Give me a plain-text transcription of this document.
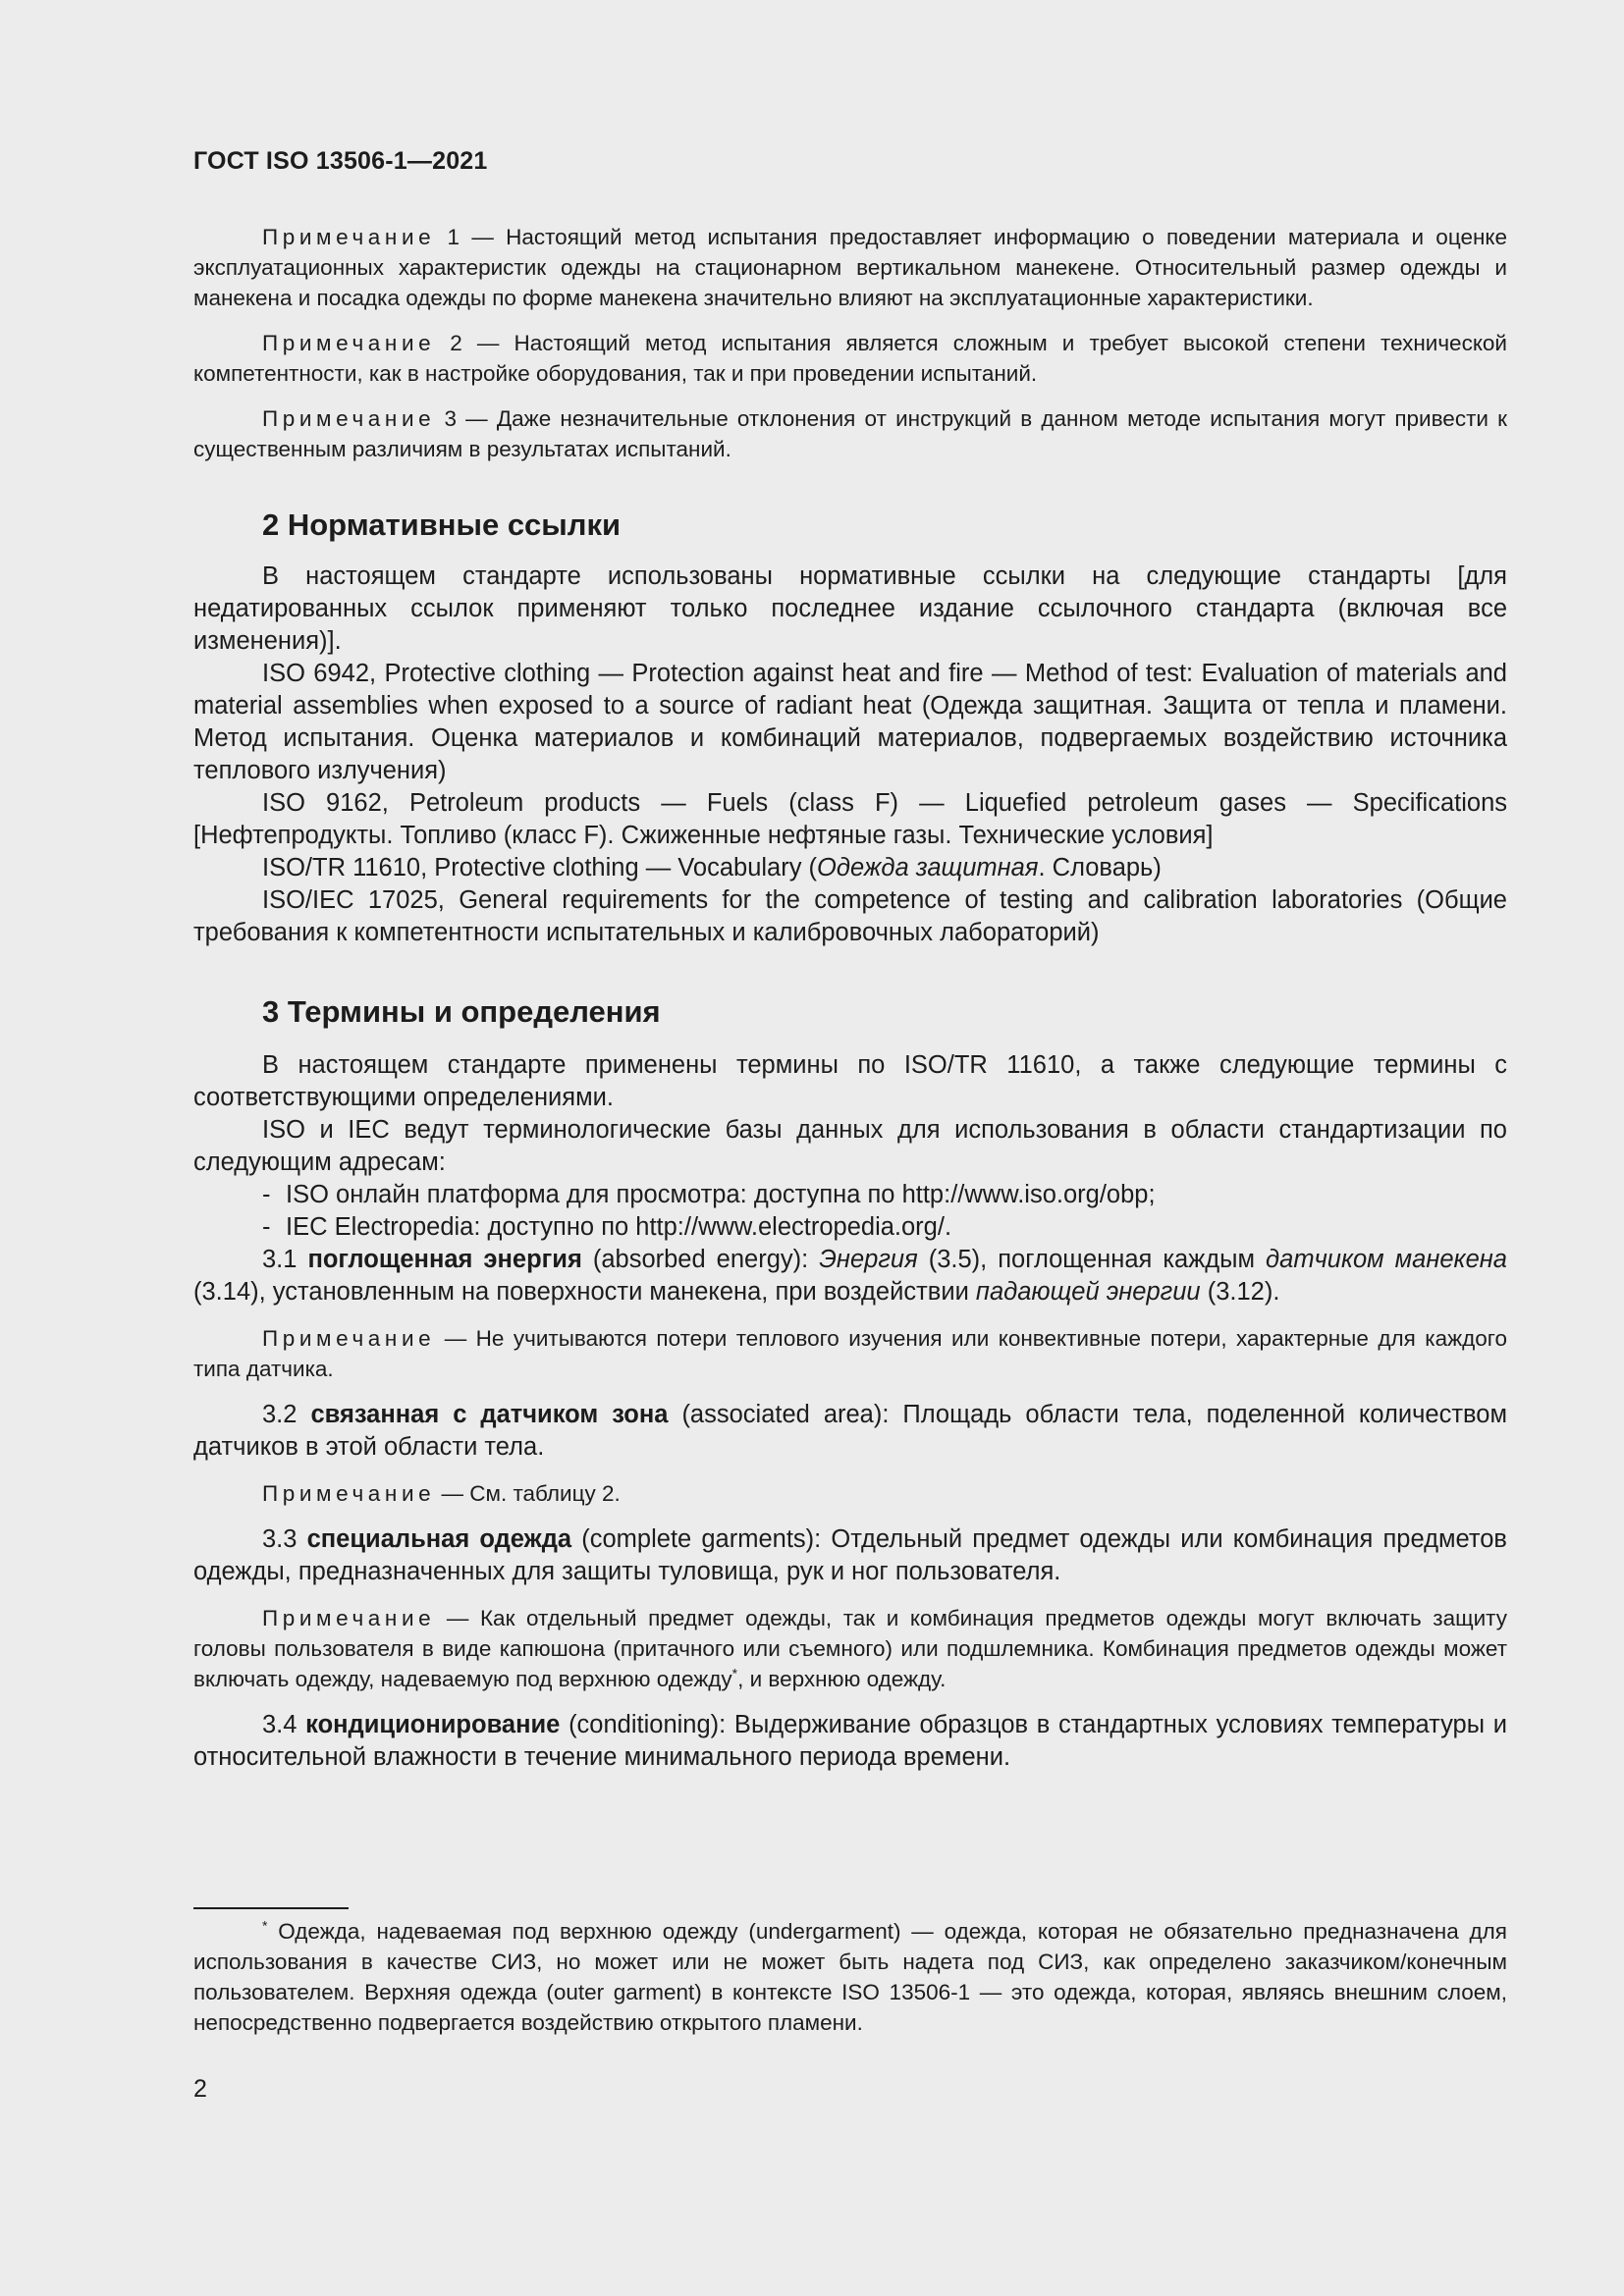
ГОСТ ISO 13506-1—2021

Примечание 1 — Настоящий метод испытания предоставляет информацию о поведении материала и оценке эксплуатационных характеристик одежды на стационарном вертикальном манекене. Относительный размер одежды и манекена и посадка одежды по форме манекена значительно влияют на эксплуатационные характеристики.

Примечание 2 — Настоящий метод испытания является сложным и требует высокой степени технической компетентности, как в настройке оборудования, так и при проведении испытаний.

Примечание 3 — Даже незначительные отклонения от инструкций в данном методе испытания могут привести к существенным различиям в результатах испытаний.

2 Нормативные ссылки

В настоящем стандарте использованы нормативные ссылки на следующие стандарты [для недатированных ссылок применяют только последнее издание ссылочного стандарта (включая все изменения)].

ISO 6942, Protective clothing — Protection against heat and fire — Method of test: Evaluation of materials and material assemblies when exposed to a source of radiant heat (Одежда защитная. Защита от тепла и пламени. Метод испытания. Оценка материалов и комбинаций материалов, подвергаемых воздействию источника теплового излучения)

ISO 9162, Petroleum products — Fuels (class F) — Liquefied petroleum gases — Specifications [Нефтепродукты. Топливо (класс F). Сжиженные нефтяные газы. Технические условия]

ISO/TR 11610, Protective clothing — Vocabulary (Одежда защитная. Словарь)

ISO/IEC 17025, General requirements for the competence of testing and calibration laboratories (Общие требования к компетентности испытательных и калибровочных лабораторий)

3 Термины и определения

В настоящем стандарте применены термины по ISO/TR 11610, а также следующие термины с соответствующими определениями.

ISO и IEC ведут терминологические базы данных для использования в области стандартизации по следующим адресам:

- ISO онлайн платформа для просмотра: доступна по http://www.iso.org/obp;

- IEC Electropedia: доступно по http://www.electropedia.org/.

3.1 поглощенная энергия (absorbed energy): Энергия (3.5), поглощенная каждым датчиком манекена (3.14), установленным на поверхности манекена, при воздействии падающей энергии (3.12).

Примечание — Не учитываются потери теплового изучения или конвективные потери, характерные для каждого типа датчика.

3.2 связанная с датчиком зона (associated area): Площадь области тела, поделенной количеством датчиков в этой области тела.

Примечание — См. таблицу 2.

3.3 специальная одежда (complete garments): Отдельный предмет одежды или комбинация предметов одежды, предназначенных для защиты туловища, рук и ног пользователя.

Примечание — Как отдельный предмет одежды, так и комбинация предметов одежды могут включать защиту головы пользователя в виде капюшона (притачного или съемного) или подшлемника. Комбинация предметов одежды может включать одежду, надеваемую под верхнюю одежду*, и верхнюю одежду.

3.4 кондиционирование (conditioning): Выдерживание образцов в стандартных условиях температуры и относительной влажности в течение минимального периода времени.

* Одежда, надеваемая под верхнюю одежду (undergarment) — одежда, которая не обязательно предназначена для использования в качестве СИЗ, но может или не может быть надета под СИЗ, как определено заказчиком/конечным пользователем. Верхняя одежда (outer garment) в контексте ISO 13506-1 — это одежда, которая, являясь внешним слоем, непосредственно подвергается воздействию открытого пламени.

2
